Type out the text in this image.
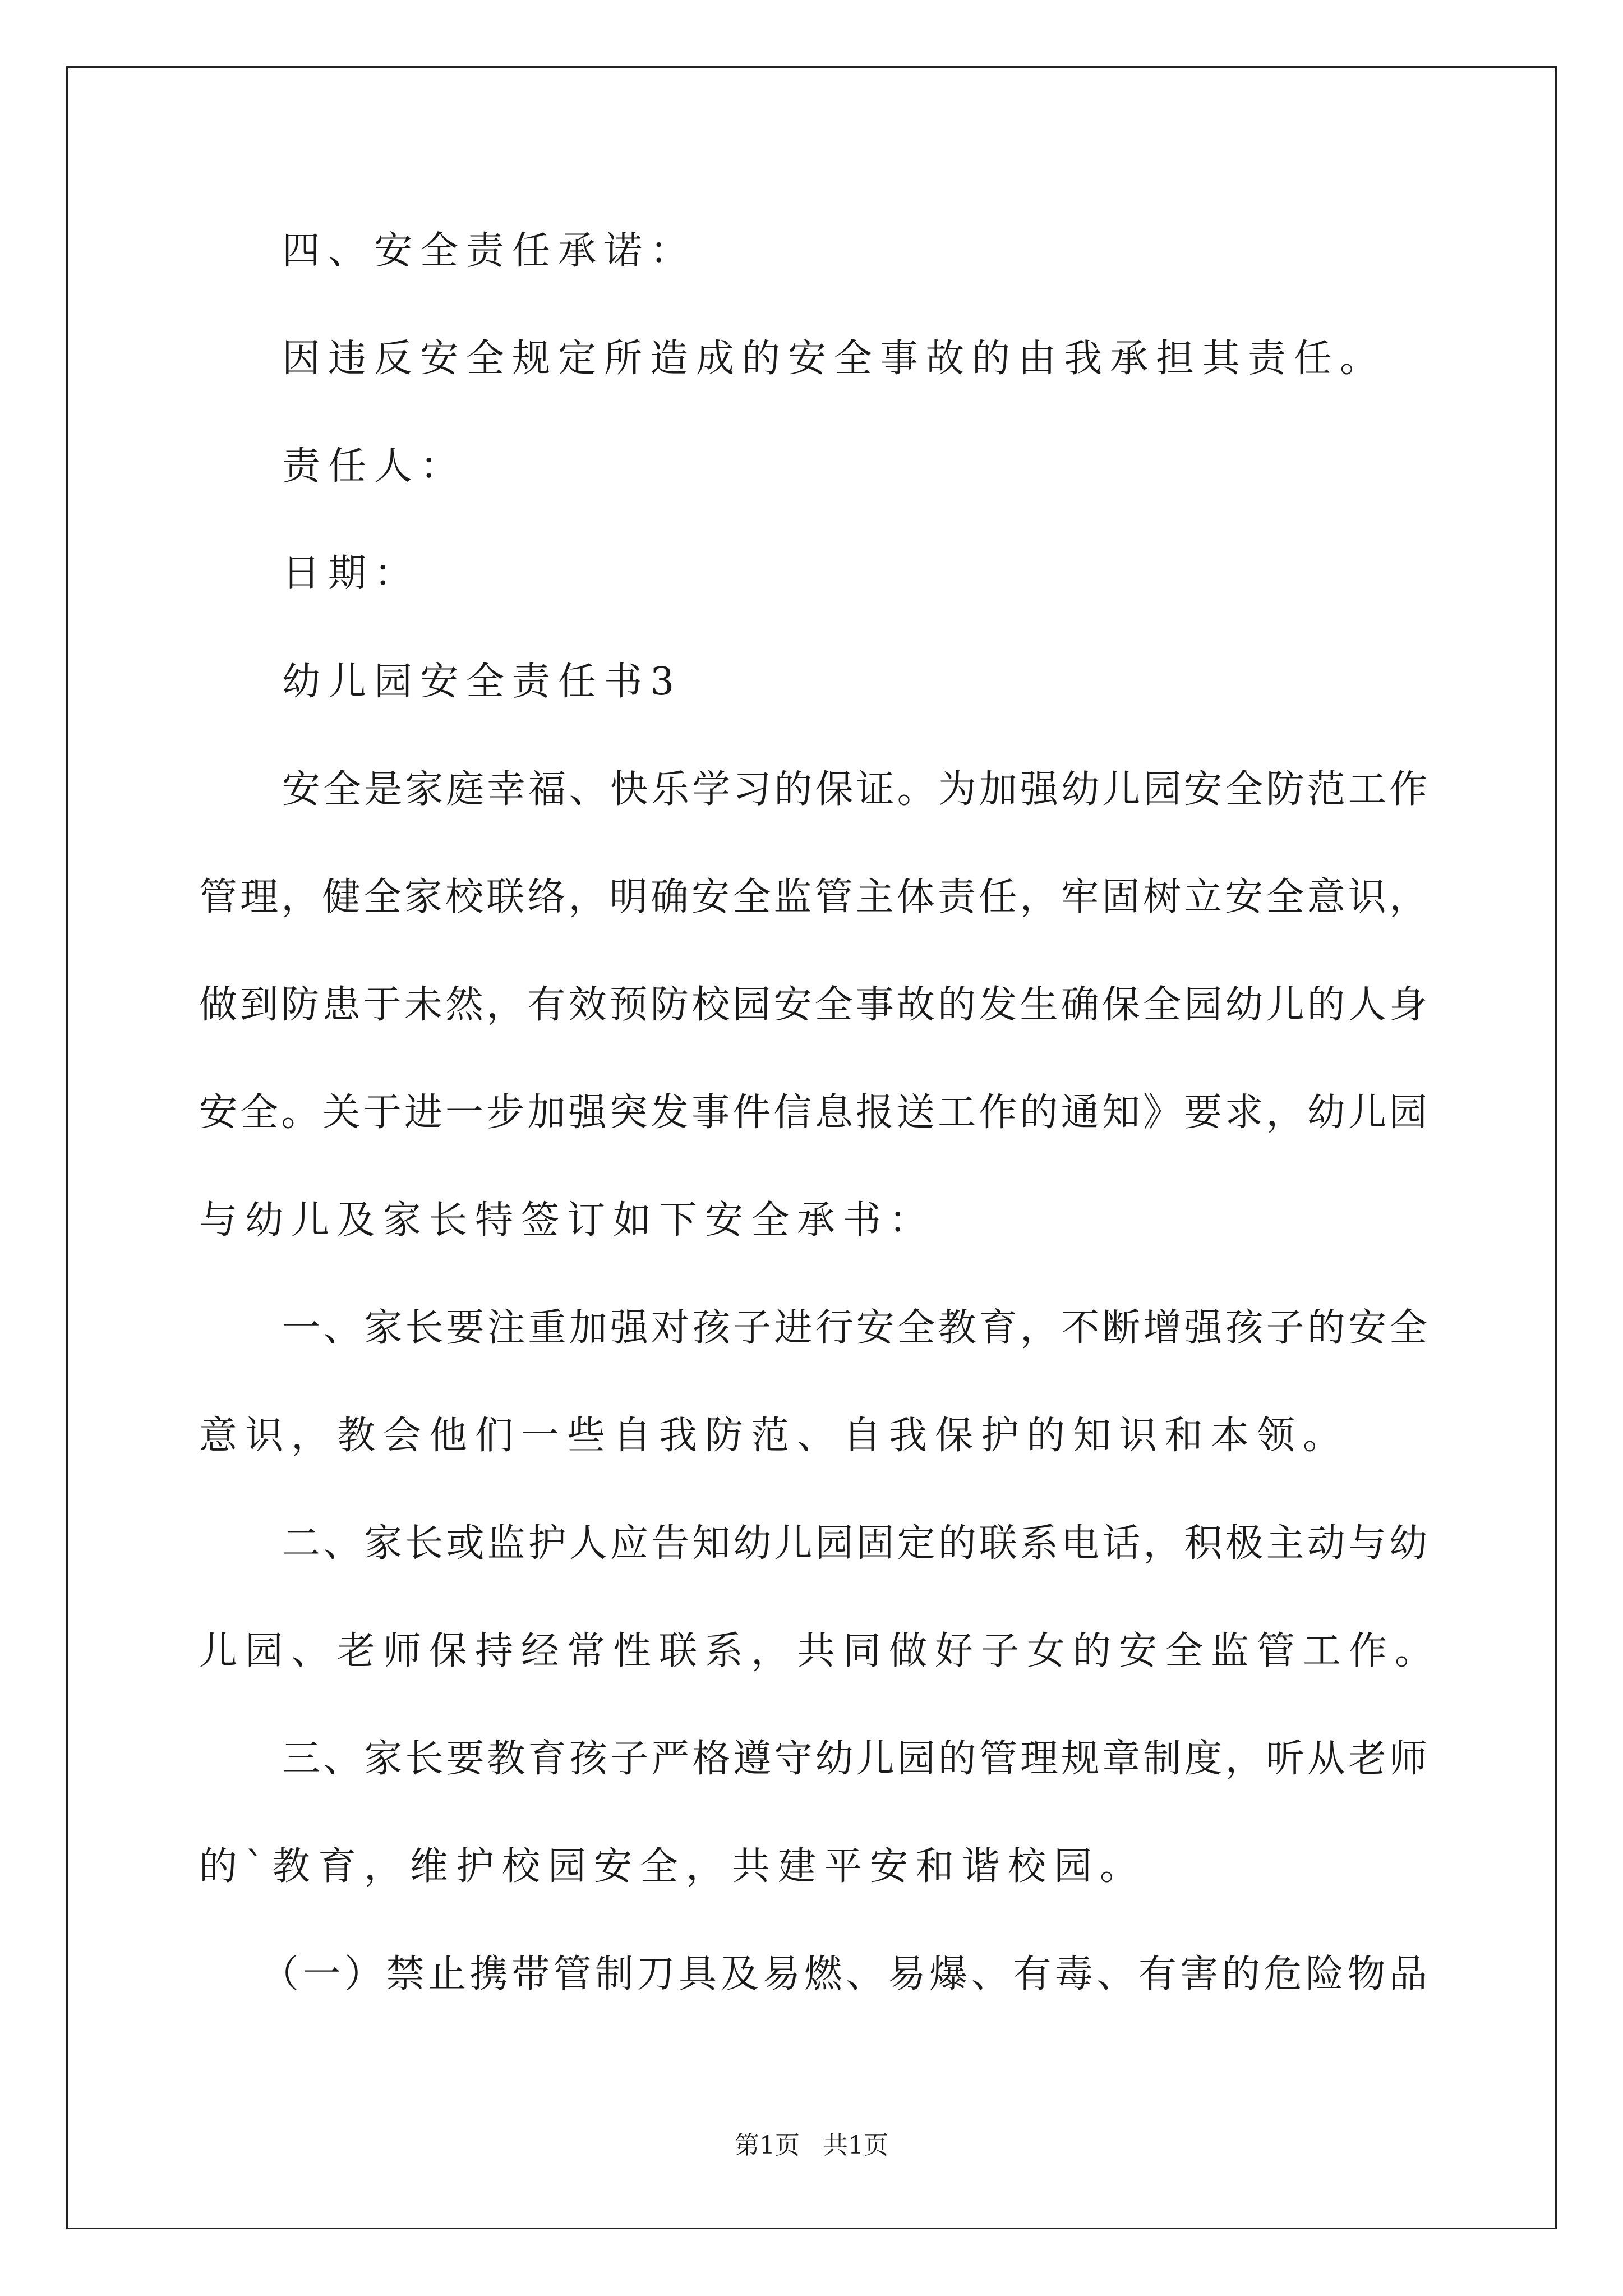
四、安全责任承诺：
因违反安全规定所造成的安全事故的由我承担其责任。
责任人：
日期：
幼儿园安全责任书3
安全是家庭幸福、快乐学习的保证。为加强幼儿园安全防范工作
管理，健全家校联络，明确安全监管主体责任，牢固树立安全意识，
做到防患于未然，有效预防校园安全事故的发生确保全园幼儿的人身
安全。关于进一步加强突发事件信息报送工作的通知》要求，幼儿园
与幼儿及家长特签订如下安全承书：
一、家长要注重加强对孩子进行安全教育，不断增强孩子的安全
意识，教会他们一些自我防范、自我保护的知识和本领。
二、家长或监护人应告知幼儿园固定的联系电话，积极主动与幼
儿园、老师保持经常性联系，共同做好子女的安全监管工作。
三、家长要教育孩子严格遵守幼儿园的管理规章制度，听从老师
的`教育，维护校园安全，共建平安和谐校园。
（一）禁止携带管制刀具及易燃、易爆、有毒、有害的危险物品
第1页   共1页
